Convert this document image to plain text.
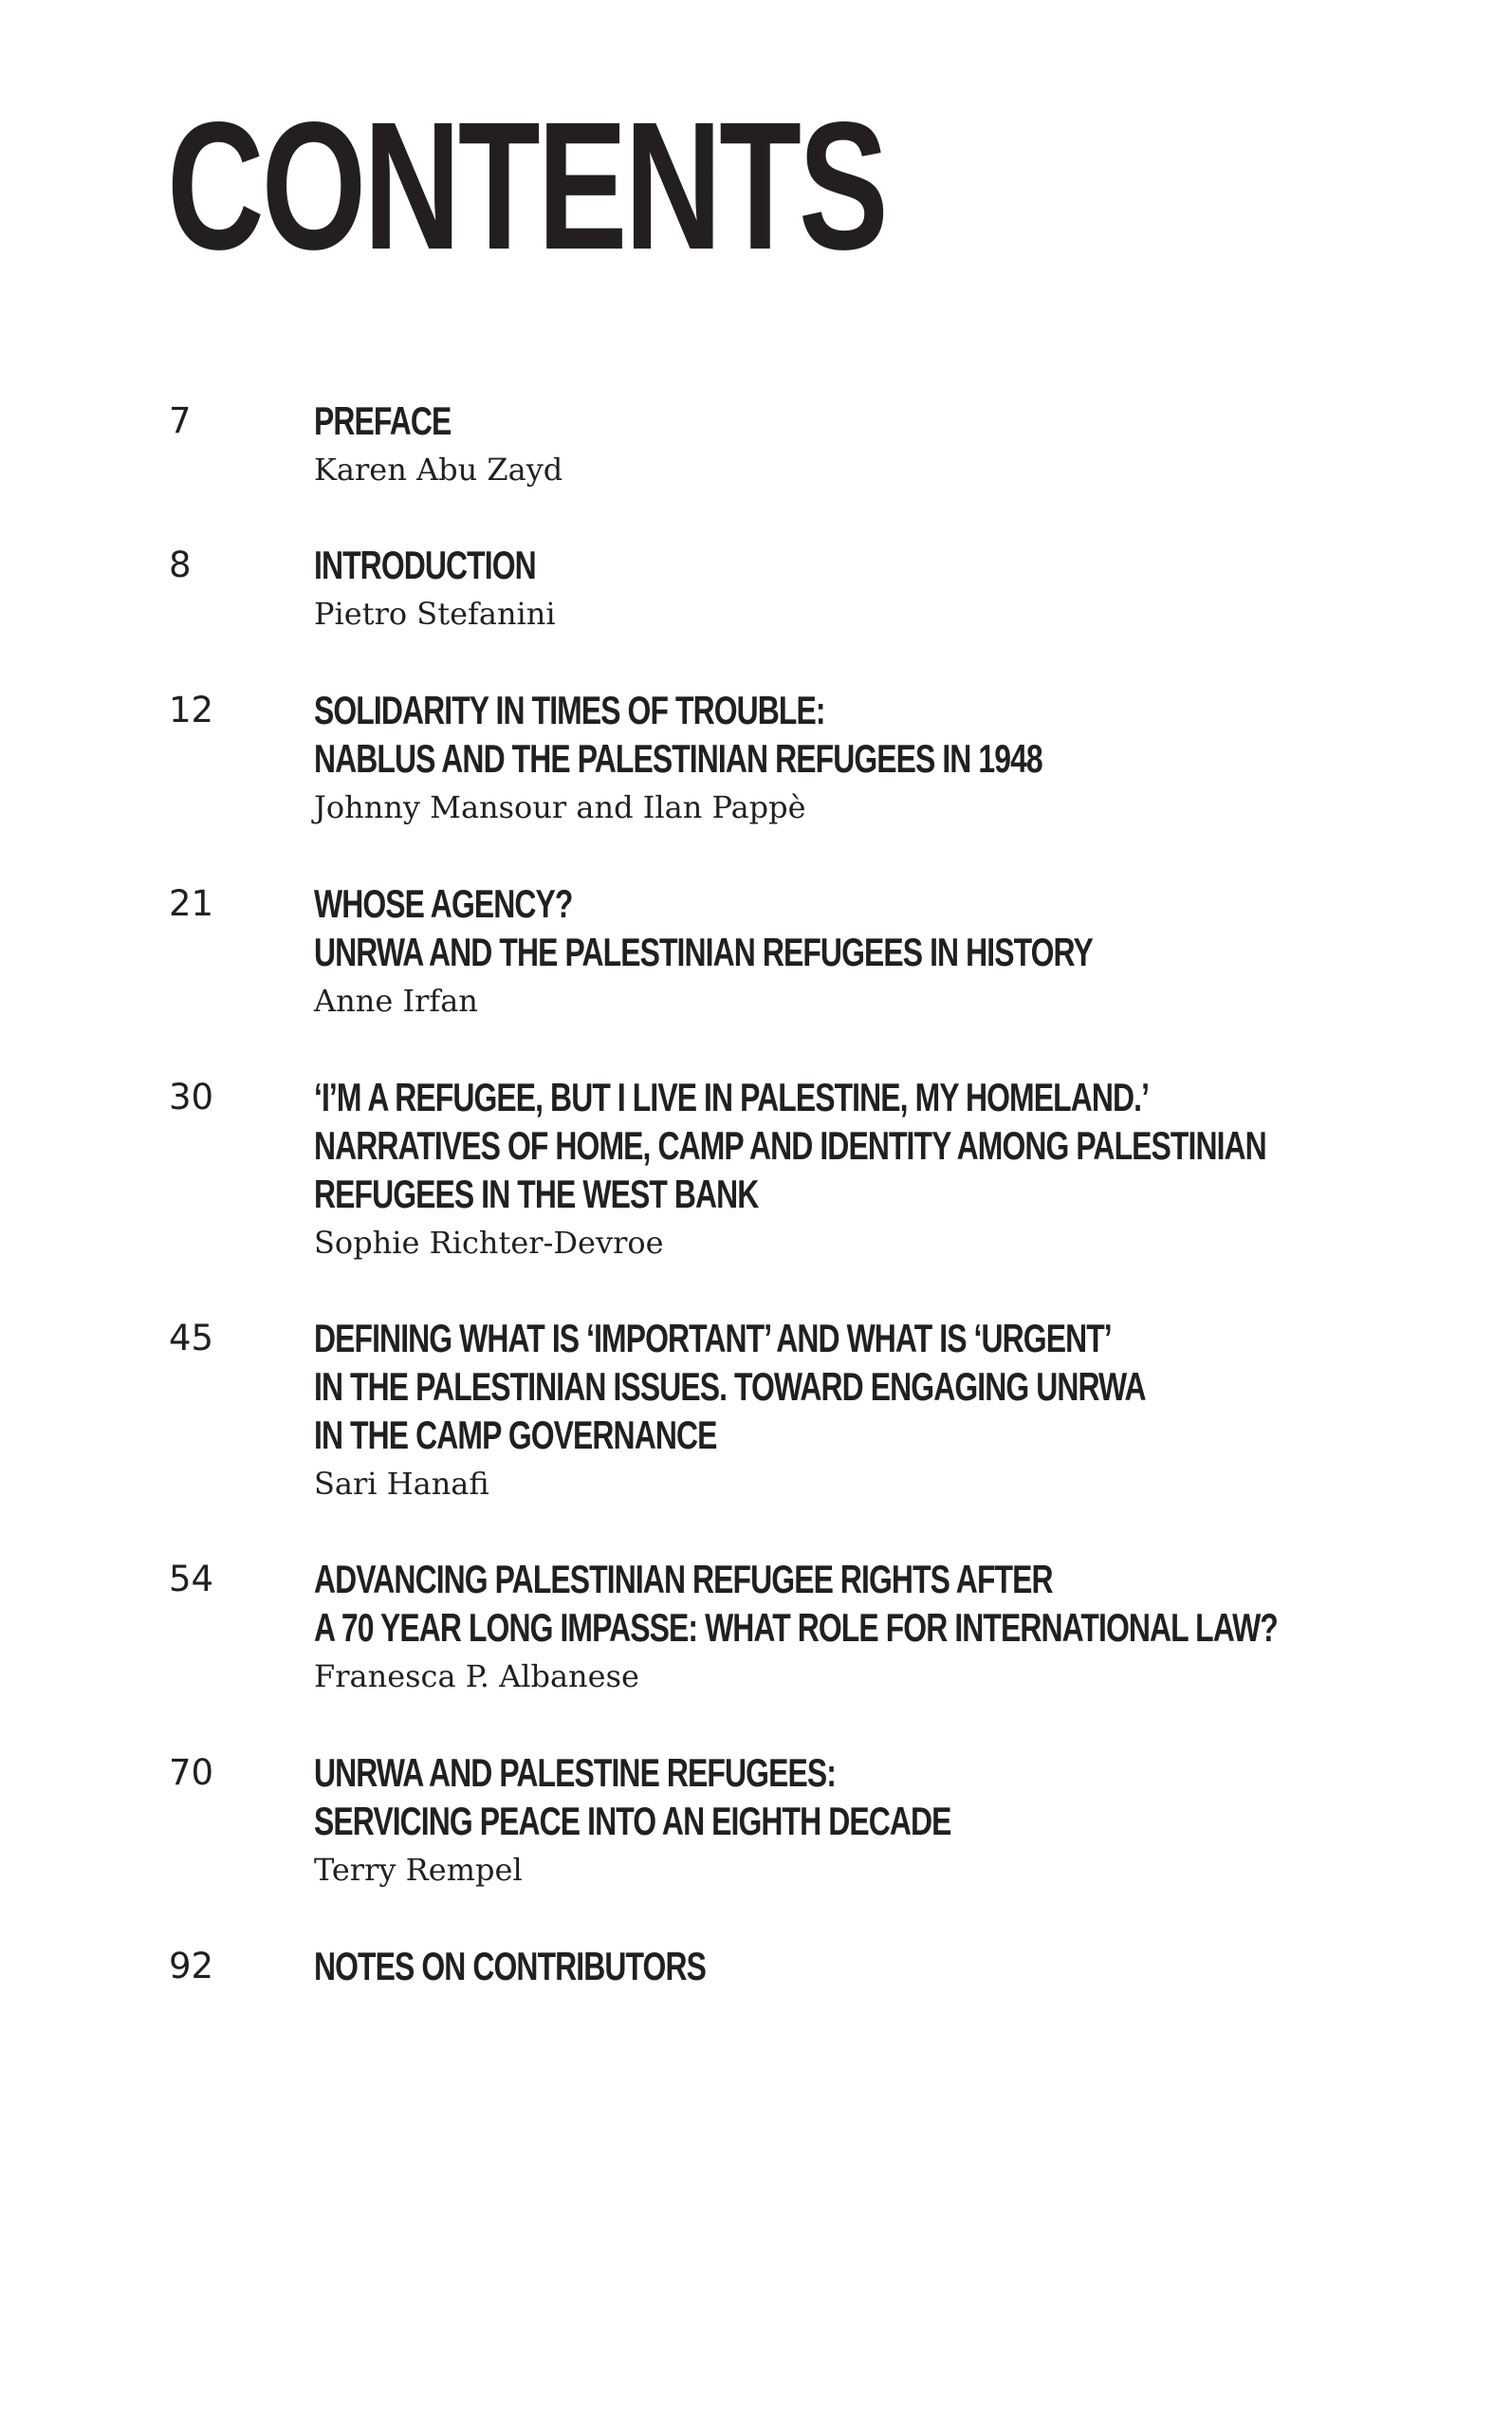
CONTENTS
7	PREFACE
Karen Abu Zayd
8	INTRODUCTION
Pietro Stefanini
12	SOLIDARITY IN TIMES OF TROUBLE:
NABLUS AND THE PALESTINIAN REFUGEES IN 1948
Johnny Mansour and Ilan Pappè
21	WHOSE AGENCY?
UNRWA AND THE PALESTINIAN REFUGEES IN HISTORY
Anne Irfan
30	‘I’M A REFUGEE, BUT I LIVE IN PALESTINE, MY HOMELAND.’
NARRATIVES OF HOME, CAMP AND IDENTITY AMONG PALESTINIAN
REFUGEES IN THE WEST BANK
Sophie Richter-Devroe
45	DEFINING WHAT IS ‘IMPORTANT’ AND WHAT IS ‘URGENT’
IN THE PALESTINIAN ISSUES. TOWARD ENGAGING UNRWA
IN THE CAMP GOVERNANCE
Sari Hanafi
54	ADVANCING PALESTINIAN REFUGEE RIGHTS AFTER
A 70 YEAR LONG IMPASSE: WHAT ROLE FOR INTERNATIONAL LAW?
Franesca P. Albanese
70	UNRWA AND PALESTINE REFUGEES:
SERVICING PEACE INTO AN EIGHTH DECADE
Terry Rempel
92	NOTES ON CONTRIBUTORS
